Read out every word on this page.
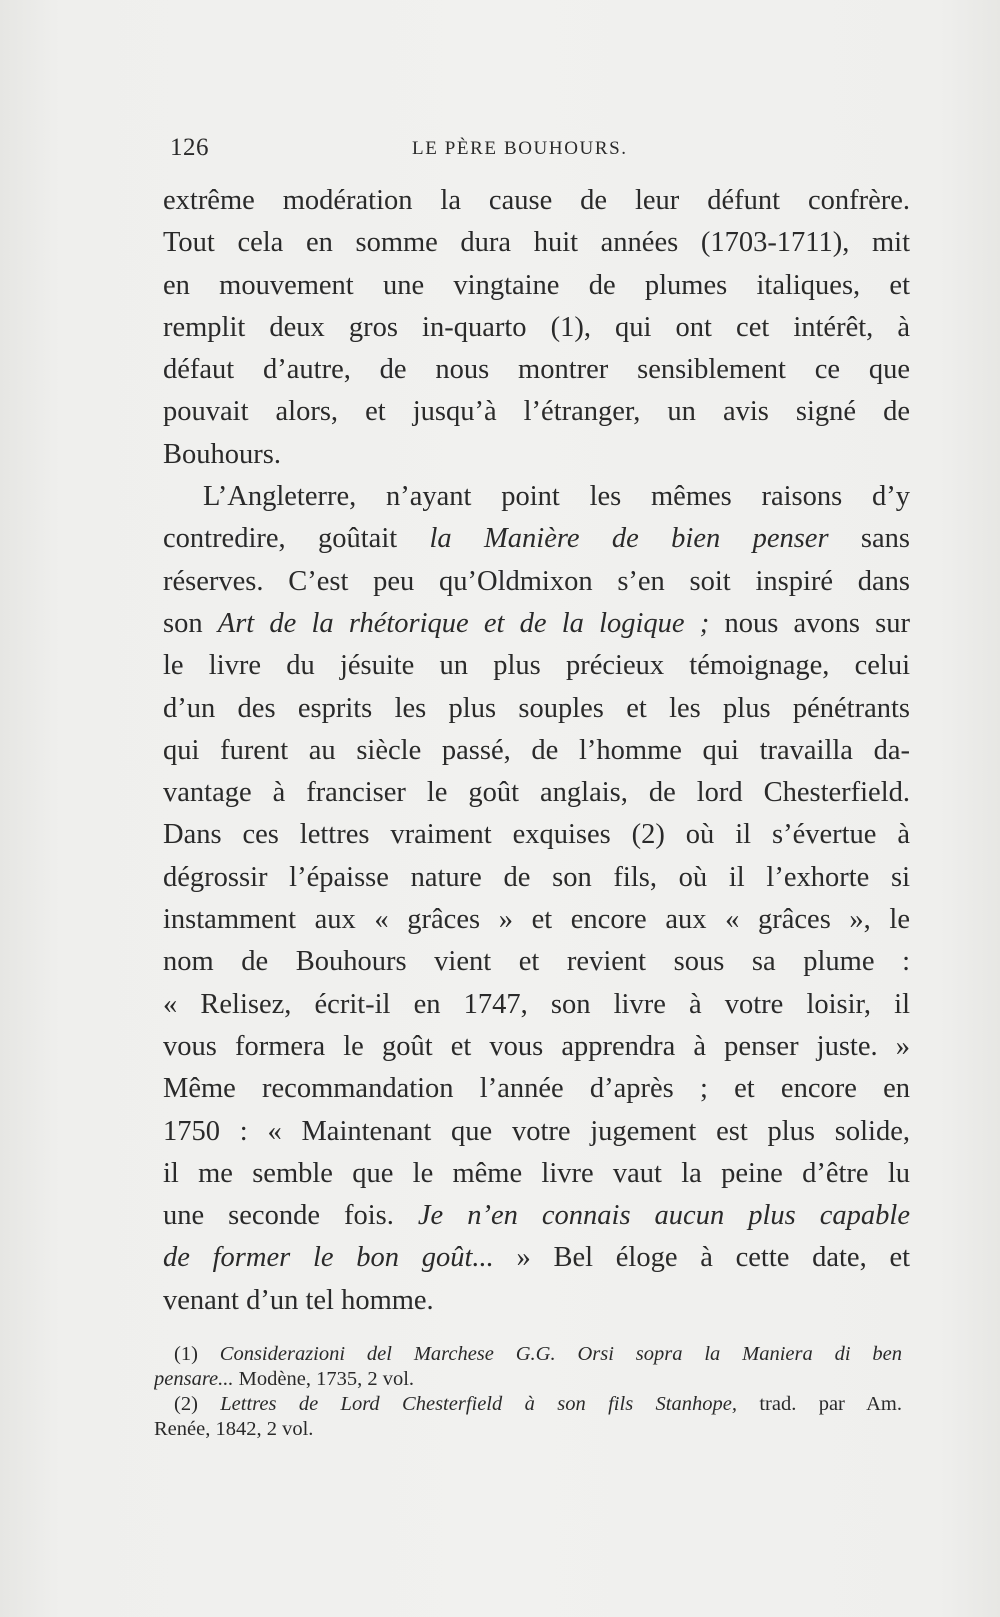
126	LE PÈRE BOUHOURS.
extrême modération la cause de leur défunt confrère.
Tout cela en somme dura huit années (1703-1711), mit
en mouvement une vingtaine de plumes italiques, et
remplit deux gros in-quarto (1), qui ont cet intérêt, à
défaut d’autre, de nous montrer sensiblement ce que
pouvait alors, et jusqu’à l’étranger, un avis signé de
Bouhours.
L’Angleterre, n’ayant point les mêmes raisons d’y
contredire, goûtait la Manière de bien penser sans
réserves. C’est peu qu’Oldmixon s’en soit inspiré dans
son Art de la rhétorique et de la logique ; nous avons sur
le livre du jésuite un plus précieux témoignage, celui
d’un des esprits les plus souples et les plus pénétrants
qui furent au siècle passé, de l’homme qui travailla da-
vantage à franciser le goût anglais, de lord Chesterfield.
Dans ces lettres vraiment exquises (2) où il s’évertue à
dégrossir l’épaisse nature de son fils, où il l’exhorte si
instamment aux « grâces » et encore aux « grâces », le
nom de Bouhours vient et revient sous sa plume :
« Relisez, écrit-il en 1747, son livre à votre loisir, il
vous formera le goût et vous apprendra à penser juste. »
Même recommandation l’année d’après ; et encore en
1750 : « Maintenant que votre jugement est plus solide,
il me semble que le même livre vaut la peine d’être lu
une seconde fois. Je n’en connais aucun plus capable
de former le bon goût... » Bel éloge à cette date, et
venant d’un tel homme.
(1) Considerazioni del Marchese G.G. Orsi sopra la Maniera di ben
pensare... Modène, 1735, 2 vol.
(2) Lettres de Lord Chesterfield à son fils Stanhope, trad. par Am.
Renée, 1842, 2 vol.
